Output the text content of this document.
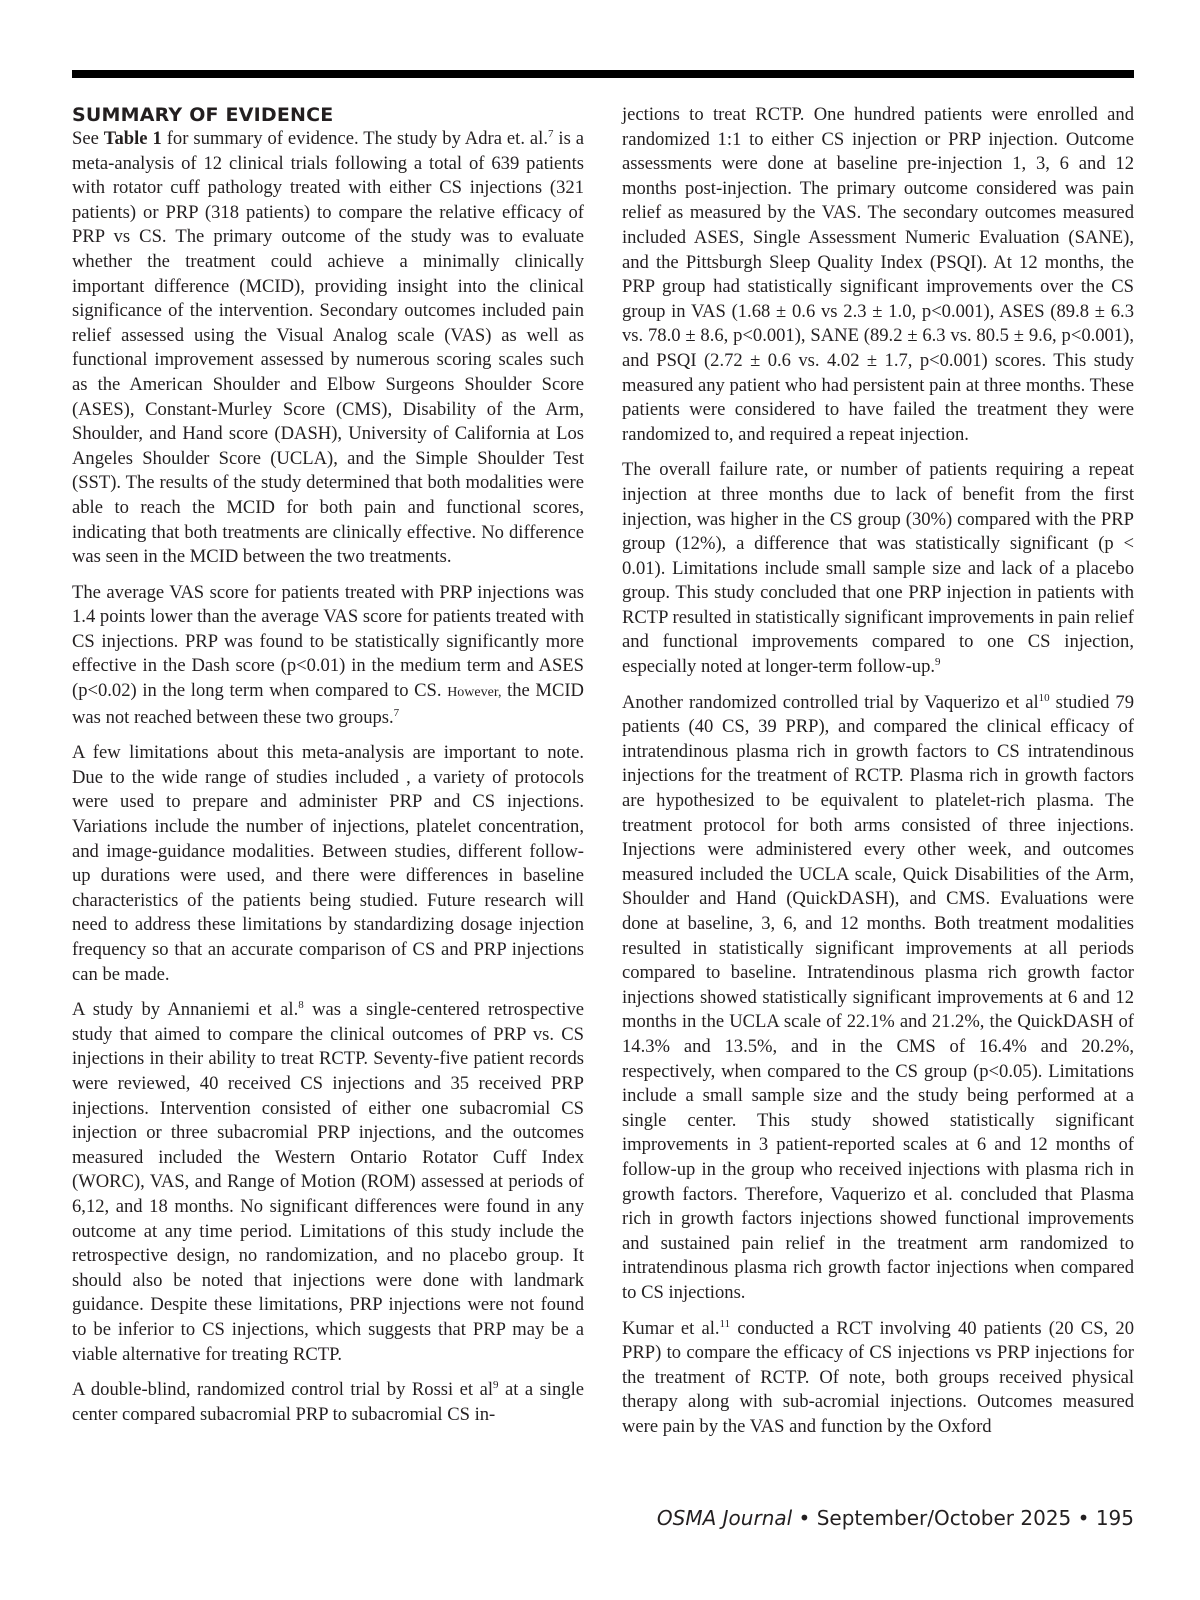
SUMMARY OF EVIDENCE

See Table 1 for summary of evidence. The study by Adra et. al.$^7$ is a meta-analysis of 12 clinical trials following a total of 639 patients with rotator cuff pathology treated with either CS injections (321 patients) or PRP (318 patients) to compare the relative efficacy of PRP vs CS. The primary outcome of the study was to evaluate whether the treatment could achieve a minimally clinically important difference (MCID), providing insight into the clinical significance of the intervention. Secondary outcomes included pain relief assessed using the Visual Analog scale (VAS) as well as functional improvement assessed by numerous scoring scales such as the American Shoulder and Elbow Surgeons Shoulder Score (ASES), Constant-Murley Score (CMS), Disability of the Arm, Shoulder, and Hand score (DASH), University of California at Los Angeles Shoulder Score (UCLA), and the Simple Shoulder Test (SST). The results of the study determined that both modalities were able to reach the MCID for both pain and functional scores, indicating that both treatments are clinically effective. No difference was seen in the MCID between the two treatments.

The average VAS score for patients treated with PRP injections was 1.4 points lower than the average VAS score for patients treated with CS injections. PRP was found to be statistically significantly more effective in the Dash score (p<0.01) in the medium term and ASES (p<0.02) in the long term when compared to CS. However, the MCID was not reached between these two groups.$^7$

A few limitations about this meta-analysis are important to note. Due to the wide range of studies included , a variety of protocols were used to prepare and administer PRP and CS injections. Variations include the number of injections, platelet concentration, and image-guidance modalities. Between studies, different follow-up durations were used, and there were differences in baseline characteristics of the patients being studied. Future research will need to address these limitations by standardizing dosage injection frequency so that an accurate comparison of CS and PRP injections can be made.

A study by Annaniemi et al.$^8$ was a single-centered retrospective study that aimed to compare the clinical outcomes of PRP vs. CS injections in their ability to treat RCTP. Seventy-five patient records were reviewed, 40 received CS injections and 35 received PRP injections. Intervention consisted of either one subacromial CS injection or three subacromial PRP injections, and the outcomes measured included the Western Ontario Rotator Cuff Index (WORC), VAS, and Range of Motion (ROM) assessed at periods of 6,12, and 18 months. No significant differences were found in any outcome at any time period. Limitations of this study include the retrospective design, no randomization, and no placebo group. It should also be noted that injections were done with landmark guidance. Despite these limitations, PRP injections were not found to be inferior to CS injections, which suggests that PRP may be a viable alternative for treating RCTP.

A double-blind, randomized control trial by Rossi et $al^9$ at a single center compared subacromial PRP to subacromial CS in-

jections to treat RCTP. One hundred patients were enrolled and randomized 1:1 to either CS injection or PRP injection. Outcome assessments were done at baseline pre-injection 1, 3, 6 and 12 months post-injection. The primary outcome considered was pain relief as measured by the VAS. The secondary outcomes measured included ASES, Single Assessment Numeric Evaluation (SANE), and the Pittsburgh Sleep Quality Index (PSQI). At 12 months, the PRP group had statistically significant improvements over the CS group in VAS (1.68 ± 0.6 vs 2.3 ± 1.0, p<0.001), ASES (89.8 ± 6.3 vs. 78.0 ± 8.6, p<0.001), SANE (89.2 ± 6.3 vs. 80.5 ± 9.6, p<0.001), and PSQI (2.72 ± 0.6 vs. 4.02 ± 1.7, p<0.001) scores. This study measured any patient who had persistent pain at three months. These patients were considered to have failed the treatment they were randomized to, and required a repeat injection.

The overall failure rate, or number of patients requiring a repeat injection at three months due to lack of benefit from the first injection, was higher in the CS group (30%) compared with the PRP group (12%), a difference that was statistically significant (p < 0.01). Limitations include small sample size and lack of a placebo group. This study concluded that one PRP injection in patients with RCTP resulted in statistically significant improvements in pain relief and functional improvements compared to one CS injection, especially noted at longer-term follow-up.$^9$

Another randomized controlled trial by Vaquerizo et $al^{10}$ studied 79 patients (40 CS, 39 PRP), and compared the clinical efficacy of intratendinous plasma rich in growth factors to CS intratendinous injections for the treatment of RCTP. Plasma rich in growth factors are hypothesized to be equivalent to platelet-rich plasma. The treatment protocol for both arms consisted of three injections. Injections were administered every other week, and outcomes measured included the UCLA scale, Quick Disabilities of the Arm, Shoulder and Hand (QuickDASH), and CMS. Evaluations were done at baseline, 3, 6, and 12 months. Both treatment modalities resulted in statistically significant improvements at all periods compared to baseline. Intratendinous plasma rich growth factor injections showed statistically significant improvements at 6 and 12 months in the UCLA scale of 22.1% and 21.2%, the QuickDASH of 14.3% and 13.5%, and in the CMS of 16.4% and 20.2%, respectively, when compared to the CS group (p<0.05). Limitations include a small sample size and the study being performed at a single center. This study showed statistically significant improvements in 3 patient-reported scales at 6 and 12 months of follow-up in the group who received injections with plasma rich in growth factors. Therefore, Vaquerizo et al. concluded that Plasma rich in growth factors injections showed functional improvements and sustained pain relief in the treatment arm randomized to intratendinous plasma rich growth factor injections when compared to CS injections.

Kumar et al.$^{11}$ conducted a RCT involving 40 patients (20 CS, 20 PRP) to compare the efficacy of CS injections vs PRP injections for the treatment of RCTP. Of note, both groups received physical therapy along with sub-acromial injections. Outcomes measured were pain by the VAS and function by the Oxford

OSMA Journal • September/October 2025 • 195
